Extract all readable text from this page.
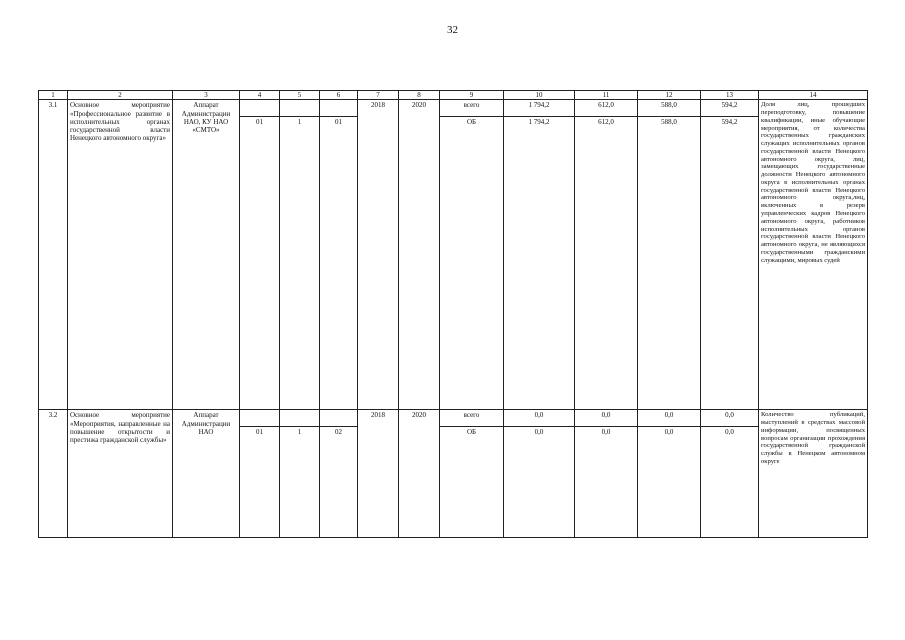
32
1	2	3	4	5	6	7	8	9	10	11	12	13	14
3.1	Основное мероприятие «Профессиональное развитие в исполнительных органах государственной власти Ненецкого автономного округа»	Аппарат Администрации НАО, КУ НАО «СМТО»				2018	2020	всего	1 794,2	612,0	588,0	594,2	Доля лиц, прошедших переподготовку, повышение квалификации, иные обучающие мероприятия, от количества государственных гражданских служащих исполнительных органов государственной власти Ненецкого автономного округа, лиц, замещающих государственные должности Ненецкого автономного округа в исполнительных органах государственной власти Ненецкого автономного округа,лиц, включенных в резерв управленческих кадров Ненецкого автономного округа, работников исполнительных органов государственной власти Ненецкого автономного округа, не являющихся государственными гражданскими служащими, мировых судей
			01	1	01			ОБ	1 794,2	612,0	588,0	594,2	
3.2	Основное мероприятие «Мероприятия, направленные на повышение открытости и престижа гражданской службы»	Аппарат Администрации НАО				2018	2020	всего	0,0	0,0	0,0	0,0	Количество публикаций, выступлений в средствах массовой информации, посвященных вопросам организации прохождения государственной гражданской службы в Ненецком автономном округе
			01	1	02			ОБ	0,0	0,0	0,0	0,0	
